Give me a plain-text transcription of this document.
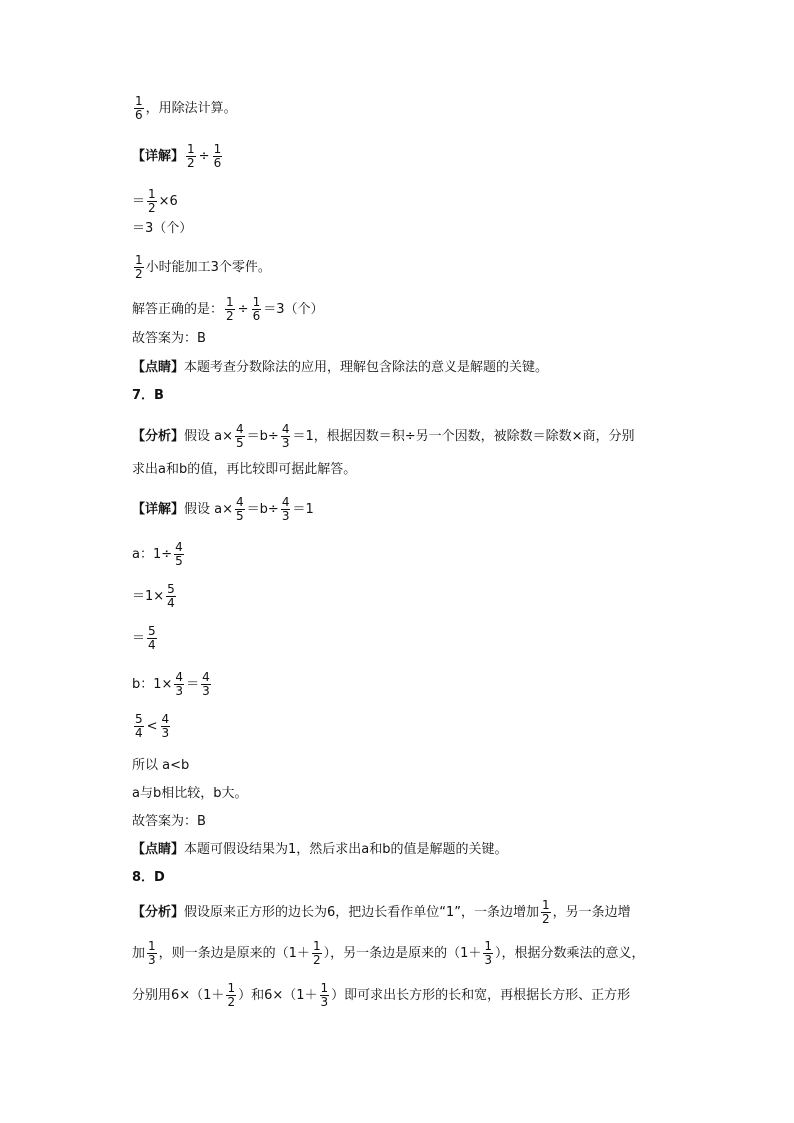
$\frac{1}{6}$ ，用除法计算。
【详解】 $\frac{1}{2} \div \frac{1}{6}$
＝ $\frac{1}{2} \times 6$
＝3（个）
$\frac{1}{2}$ 小时能加工3个零件。
解答正确的是： $\frac{1}{2} \div \frac{1}{6} =3$（个）
故答案为：B
【点睛】 本题考查分数除法的应用，理解包含除法的意义是解题的关键。
7．B
【分析】 假设 $a\times \frac{4}{5} =b\div \frac{4}{3} =1$，根据因数＝积÷另一个因数，被除数＝除数×商，分别
求出a和b的值，再比较即可据此解答。
【详解】 假设 $a\times \frac{4}{5} =b\div \frac{4}{3} =1$
a：$1\div \frac{4}{5}$
$=1\times \frac{5}{4}$
＝ $\frac{5}{4}$
b：$1\times \frac{4}{3} = \frac{4}{3}$
$\frac{5}{4} < \frac{4}{3}$
所以 a<b
a与b相比较，b大。
故答案为：B
【点睛】 本题可假设结果为1，然后求出a和b的值是解题的关键。
8．D
【分析】 假设原来正方形的边长为6，把边长看作单位“1”，一条边增加 $\frac{1}{2}$ ，另一条边增
加 $\frac{1}{3}$ ，则一条边是原来的（$1+ \frac{1}{2}$ ），另一条边是原来的（$1+ \frac{1}{3}$ ），根据分数乘法的意义，
分别用$6\times(1+ \frac{1}{2}$ ）和$6\times(1+ \frac{1}{3}$ ）即可求出长方形的长和宽，再根据长方形、正方形
